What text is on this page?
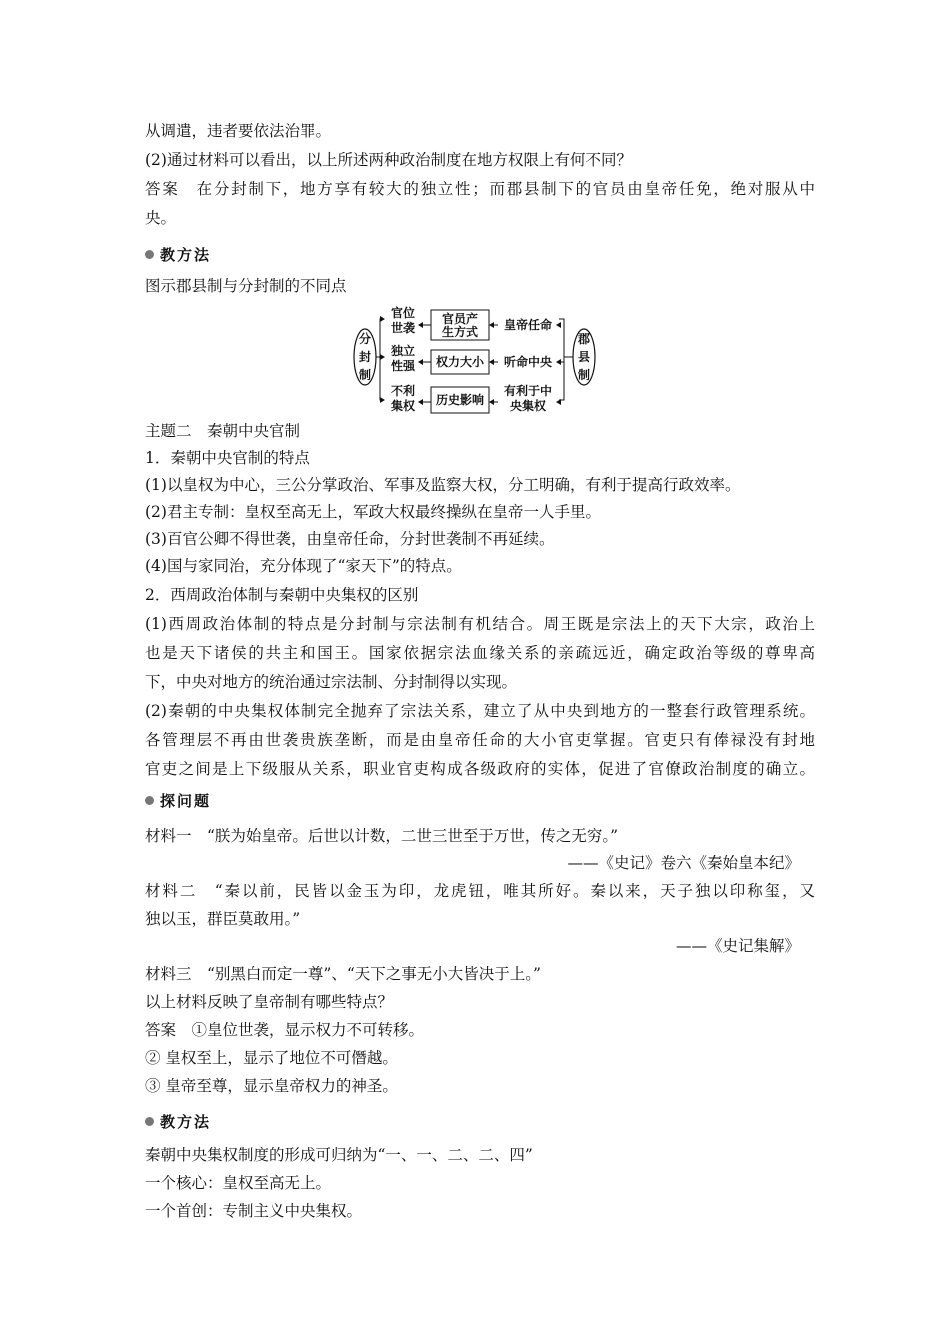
从调遣，违者要依法治罪。
(2)通过材料可以看出，以上所述两种政治制度在地方权限上有何不同？
答案　在分封制下，地方享有较大的独立性；而郡县制下的官员由皇帝任免，绝对服从中
央。
教方法
图示郡县制与分封制的不同点
分
封
制
郡
县
制
官位
世袭
独立
性强
不利
集权
官员产
生方式
权力大小
历史影响
皇帝任命
听命中央
有利于中
央集权
主题二　秦朝中央官制
1．秦朝中央官制的特点
(1)以皇权为中心，三公分掌政治、军事及监察大权，分工明确，有利于提高行政效率。
(2)君主专制：皇权至高无上，军政大权最终操纵在皇帝一人手里。
(3)百官公卿不得世袭，由皇帝任命，分封世袭制不再延续。
(4)国与家同治，充分体现了“家天下”的特点。
2．西周政治体制与秦朝中央集权的区别
(1)西周政治体制的特点是分封制与宗法制有机结合。周王既是宗法上的天下大宗，政治上
也是天下诸侯的共主和国王。国家依据宗法血缘关系的亲疏远近，确定政治等级的尊卑高
下，中央对地方的统治通过宗法制、分封制得以实现。
(2)秦朝的中央集权体制完全抛弃了宗法关系，建立了从中央到地方的一整套行政管理系统。
各管理层不再由世袭贵族垄断，而是由皇帝任命的大小官吏掌握。官吏只有俸禄没有封地
官吏之间是上下级服从关系，职业官吏构成各级政府的实体，促进了官僚政治制度的确立。
探问题
材料一　“朕为始皇帝。后世以计数，二世三世至于万世，传之无穷。”
——《史记》卷六《秦始皇本纪》
材料二　“秦以前，民皆以金玉为印，龙虎钮，唯其所好。秦以来，天子独以印称玺，又
独以玉，群臣莫敢用。”
——《史记集解》
材料三　“别黑白而定一尊”、“天下之事无小大皆决于上。”
以上材料反映了皇帝制有哪些特点？
答案　①皇位世袭，显示权力不可转移。
② 皇权至上，显示了地位不可僭越。
③ 皇帝至尊，显示皇帝权力的神圣。
教方法
秦朝中央集权制度的形成可归纳为“一、一、二、二、四”
一个核心：皇权至高无上。
一个首创：专制主义中央集权。
